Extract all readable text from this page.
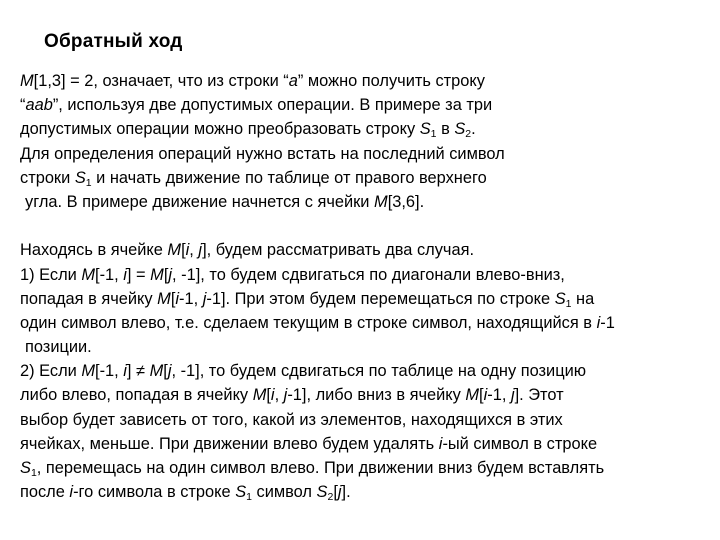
Обратный ход
M[1,3] = 2, означает, что из строки “a” можно получить строку
“aab”, используя две допустимых операции. В примере за три
допустимых операции можно преобразовать строку $S_1$ в $S_2$.
Для определения операций нужно встать на последний символ
строки $S_1$ и начать движение по таблице от правого верхнего
угла. В примере движение начнется с ячейки M[3,6].
Находясь в ячейке M[i, j], будем рассматривать два случая.
1) Если M[-1, i] = M[j, -1], то будем сдвигаться по диагонали влево-вниз,
попадая в ячейку M[i-1, j-1]. При этом будем перемещаться по строке $S_1$ на
один символ влево, т.е. сделаем текущим в строке символ, находящийся в i-1
позиции.
2) Если M[-1, i] ≠ M[j, -1], то будем сдвигаться по таблице на одну позицию
либо влево, попадая в ячейку M[i, j-1], либо вниз в ячейку M[i-1, j]. Этот
выбор будет зависеть от того, какой из элементов, находящихся в этих
ячейках, меньше. При движении влево будем удалять i-ый символ в строке
$S_1$, перемещась на один символ влево. При движении вниз будем вставлять
после i-го символа в строке $S_1$ символ $S_2[j]$.
